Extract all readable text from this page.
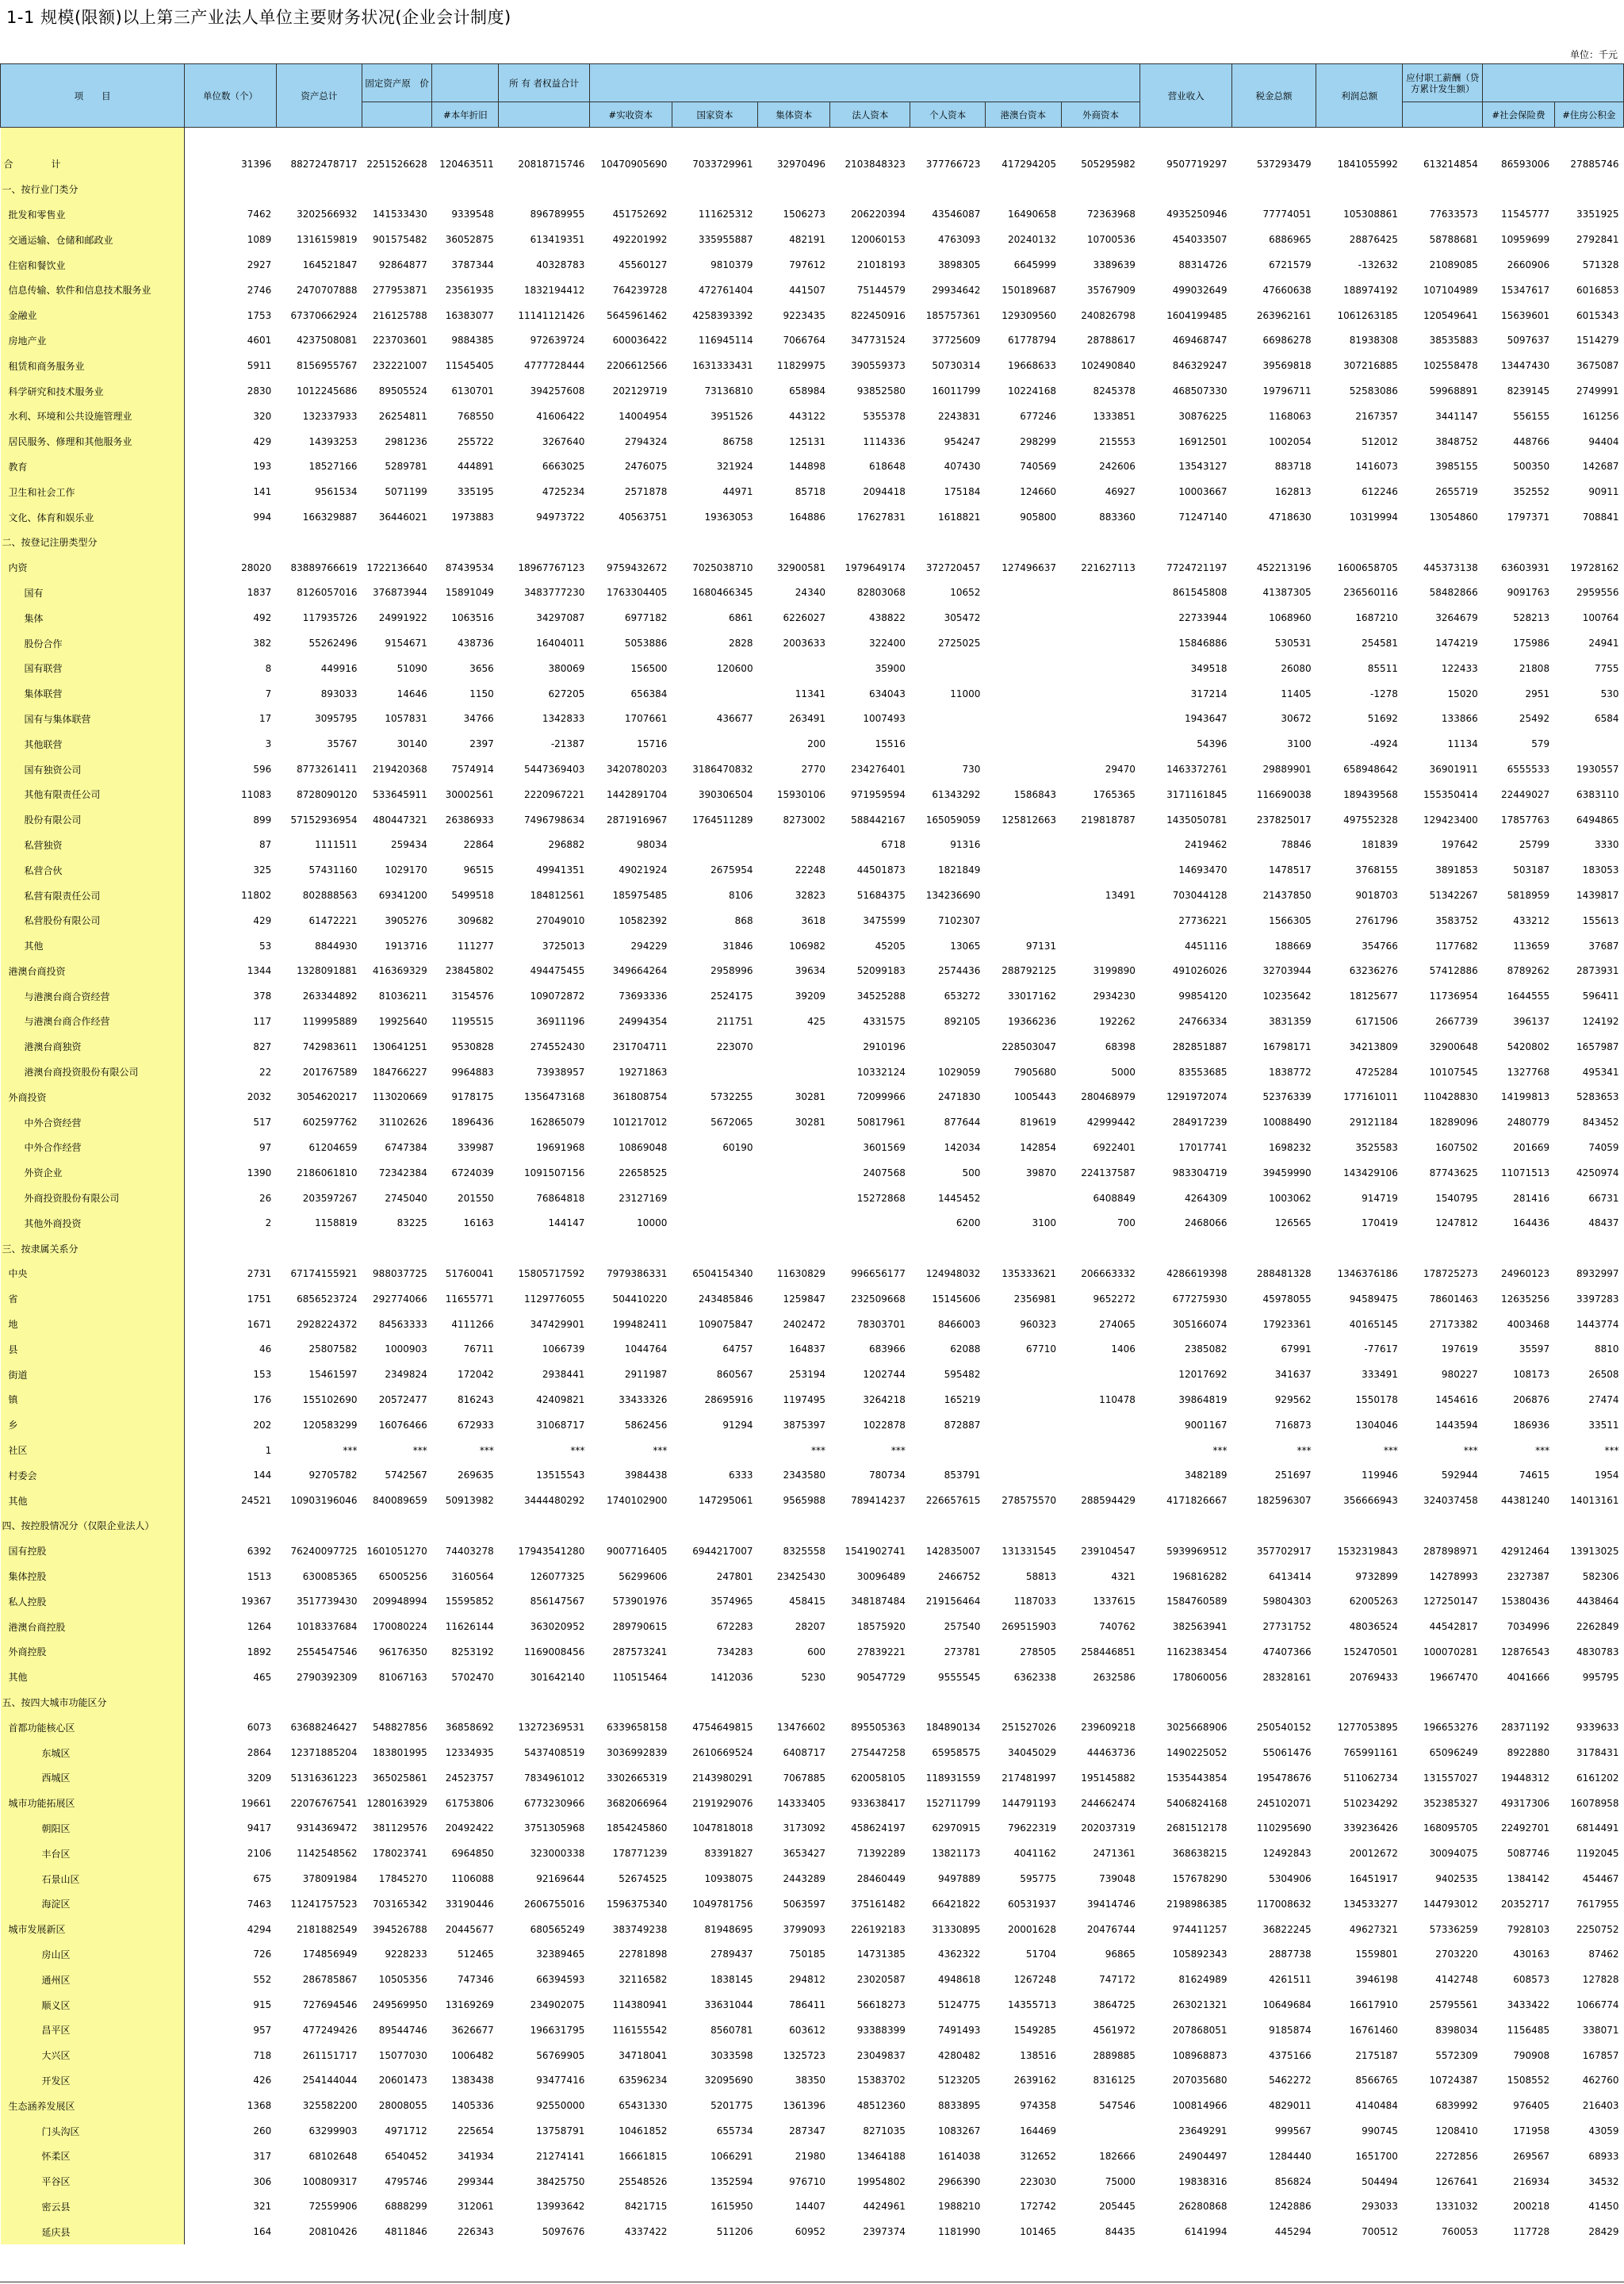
1-1 规模(限额)以上第三产业法人单位主要财务状况(企业会计制度)
单位：千元
项　　目	单位数（个）	资产总计	固定资产原　价		所 有 者权益合计								营业收入	税金总额	利润总额	应付职工薪酬（贷方累计发生额）		
				#本年折旧		#实收资本	国家资本	集体资本	法人资本	个人资本	港澳台资本	外商资本					#社会保险费	#住房公积金

合　计	31396	88272478717	2251526628	120463511	20818715746	10470905690	7033729961	32970496	2103848323	377766723	417294205	505295982	9507719297	537293479	1841055992	613214854	86593006	27885746
一、按行业门类分																		
批发和零售业	7462	3202566932	141533430	9339548	896789955	451752692	111625312	1506273	206220394	43546087	16490658	72363968	4935250946	77774051	105308861	77633573	11545777	3351925
交通运输、仓储和邮政业	1089	1316159819	901575482	36052875	613419351	492201992	335955887	482191	120060153	4763093	20240132	10700536	454033507	6886965	28876425	58788681	10959699	2792841
住宿和餐饮业	2927	164521847	92864877	3787344	40328783	45560127	9810379	797612	21018193	3898305	6645999	3389639	88314726	6721579	-132632	21089085	2660906	571328
信息传输、软件和信息技术服务业	2746	2470707888	277953871	23561935	1832194412	764239728	472761404	441507	75144579	29934642	150189687	35767909	499032649	47660638	188974192	107104989	15347617	6016853
金融业	1753	67370662924	216125788	16383077	11141121426	5645961462	4258393392	9223435	822450916	185757361	129309560	240826798	1604199485	263962161	1061263185	120549641	15639601	6015343
房地产业	4601	4237508081	223703601	9884385	972639724	600036422	116945114	7066764	347731524	37725609	61778794	28788617	469468747	66986278	81938308	38535883	5097637	1514279
租赁和商务服务业	5911	8156955767	232221007	11545405	4777728444	2206612566	1631333431	11829975	390559373	50730314	19668633	102490840	846329247	39569818	307216885	102558478	13447430	3675087
科学研究和技术服务业	2830	1012245686	89505524	6130701	394257608	202129719	73136810	658984	93852580	16011799	10224168	8245378	468507330	19796711	52583086	59968891	8239145	2749991
水利、环境和公共设施管理业	320	132337933	26254811	768550	41606422	14004954	3951526	443122	5355378	2243831	677246	1333851	30876225	1168063	2167357	3441147	556155	161256
居民服务、修理和其他服务业	429	14393253	2981236	255722	3267640	2794324	86758	125131	1114336	954247	298299	215553	16912501	1002054	512012	3848752	448766	94404
教育	193	18527166	5289781	444891	6663025	2476075	321924	144898	618648	407430	740569	242606	13543127	883718	1416073	3985155	500350	142687
卫生和社会工作	141	9561534	5071199	335195	4725234	2571878	44971	85718	2094418	175184	124660	46927	10003667	162813	612246	2655719	352552	90911
文化、体育和娱乐业	994	166329887	36446021	1973883	94973722	40563751	19363053	164886	17627831	1618821	905800	883360	71247140	4718630	10319994	13054860	1797371	708841
二、按登记注册类型分																		
内资	28020	83889766619	1722136640	87439534	18967767123	9759432672	7025038710	32900581	1979649174	372720457	127496637	221627113	7724721197	452213196	1600658705	445373138	63603931	19728162
国有	1837	8126057016	376873944	15891049	3483777230	1763304405	1680466345	24340	82803068	10652			861545808	41387305	236560116	58482866	9091763	2959556
集体	492	117935726	24991922	1063516	34297087	6977182	6861	6226027	438822	305472			22733944	1068960	1687210	3264679	528213	100764
股份合作	382	55262496	9154671	438736	16404011	5053886	2828	2003633	322400	2725025			15846886	530531	254581	1474219	175986	24941
国有联营	8	449916	51090	3656	380069	156500	120600		35900				349518	26080	85511	122433	21808	7755
集体联营	7	893033	14646	1150	627205	656384		11341	634043	11000			317214	11405	-1278	15020	2951	530
国有与集体联营	17	3095795	1057831	34766	1342833	1707661	436677	263491	1007493				1943647	30672	51692	133866	25492	6584
其他联营	3	35767	30140	2397	-21387	15716		200	15516				54396	3100	-4924	11134	579	
国有独资公司	596	8773261411	219420368	7574914	5447369403	3420780203	3186470832	2770	234276401	730		29470	1463372761	29889901	658948642	36901911	6555533	1930557
其他有限责任公司	11083	8728090120	533645911	30002561	2220967221	1442891704	390306504	15930106	971959594	61343292	1586843	1765365	3171161845	116690038	189439568	155350414	22449027	6383110
股份有限公司	899	57152936954	480447321	26386933	7496798634	2871916967	1764511289	8273002	588442167	165059059	125812663	219818787	1435050781	237825017	497552328	129423400	17857763	6494865
私营独资	87	1111511	259434	22864	296882	98034			6718	91316			2419462	78846	181839	197642	25799	3330
私营合伙	325	57431160	1029170	96515	49941351	49021924	2675954	22248	44501873	1821849			14693470	1478517	3768155	3891853	503187	183053
私营有限责任公司	11802	802888563	69341200	5499518	184812561	185975485	8106	32823	51684375	134236690		13491	703044128	21437850	9018703	51342267	5818959	1439817
私营股份有限公司	429	61472221	3905276	309682	27049010	10582392	868	3618	3475599	7102307			27736221	1566305	2761796	3583752	433212	155613
其他	53	8844930	1913716	111277	3725013	294229	31846	106982	45205	13065	97131		4451116	188669	354766	1177682	113659	37687
港澳台商投资	1344	1328091881	416369329	23845802	494475455	349664264	2958996	39634	52099183	2574436	288792125	3199890	491026026	32703944	63236276	57412886	8789262	2873931
与港澳台商合资经营	378	263344892	81036211	3154576	109072872	73693336	2524175	39209	34525288	653272	33017162	2934230	99854120	10235642	18125677	11736954	1644555	596411
与港澳台商合作经营	117	119995889	19925640	1195515	36911196	24994354	211751	425	4331575	892105	19366236	192262	24766334	3831359	6171506	2667739	396137	124192
港澳台商独资	827	742983611	130641251	9530828	274552430	231704711	223070		2910196		228503047	68398	282851887	16798171	34213809	32900648	5420802	1657987
港澳台商投资股份有限公司	22	201767589	184766227	9964883	73938957	19271863			10332124	1029059	7905680	5000	83553685	1838772	4725284	10107545	1327768	495341
外商投资	2032	3054620217	113020669	9178175	1356473168	361808754	5732255	30281	72099966	2471830	1005443	280468979	1291972074	52376339	177161011	110428830	14199813	5283653
中外合资经营	517	602597762	31102626	1896436	162865079	101217012	5672065	30281	50817961	877644	819619	42999442	284917239	10088490	29121184	18289096	2480779	843452
中外合作经营	97	61204659	6747384	339987	19691968	10869048	60190		3601569	142034	142854	6922401	17017741	1698232	3525583	1607502	201669	74059
外资企业	1390	2186061810	72342384	6724039	1091507156	22658525			2407568	500	39870	224137587	983304719	39459990	143429106	87743625	11071513	4250974
外商投资股份有限公司	26	203597267	2745040	201550	76864818	23127169			15272868	1445452		6408849	4264309	1003062	914719	1540795	281416	66731
其他外商投资	2	1158819	83225	16163	144147	10000				6200	3100	700	2468066	126565	170419	1247812	164436	48437
三、按隶属关系分																		
中央	2731	67174155921	988037725	51760041	15805717592	7979386331	6504154340	11630829	996656177	124948032	135333621	206663332	4286619398	288481328	1346376186	178725273	24960123	8932997
省	1751	6856523724	292774066	11655771	1129776055	504410220	243485846	1259847	232509668	15145606	2356981	9652272	677275930	45978055	94589475	78601463	12635256	3397283
地	1671	2928224372	84563333	4111266	347429901	199482411	109075847	2402472	78303701	8466003	960323	274065	305166074	17923361	40165145	27173382	4003468	1443774
县	46	25807582	1000903	76711	1066739	1044764	64757	164837	683966	62088	67710	1406	2385082	67991	-77617	197619	35597	8810
街道	153	15461597	2349824	172042	2938441	2911987	860567	253194	1202744	595482			12017692	341637	333491	980227	108173	26508
镇	176	155102690	20572477	816243	42409821	33433326	28695916	1197495	3264218	165219		110478	39864819	929562	1550178	1454616	206876	27474
乡	202	120583299	16076466	672933	31068717	5862456	91294	3875397	1022878	872887			9001167	716873	1304046	1443594	186936	33511
社区	1	***	***	***	***	***		***	***				***	***	***	***	***	***
村委会	144	92705782	5742567	269635	13515543	3984438	6333	2343580	780734	853791			3482189	251697	119946	592944	74615	1954
其他	24521	10903196046	840089659	50913982	3444480292	1740102900	147295061	9565988	789414237	226657615	278575570	288594429	4171826667	182596307	356666943	324037458	44381240	14013161
四、按控股情况分（仅限企业法人）																		
国有控股	6392	76240097725	1601051270	74403278	17943541280	9007716405	6944217007	8325558	1541902741	142835007	131331545	239104547	5939969512	357702917	1532319843	287898971	42912464	13913025
集体控股	1513	630085365	65005256	3160564	126077325	56299606	247801	23425430	30096489	2466752	58813	4321	196816282	6413414	9732899	14278993	2327387	582306
私人控股	19367	3517739430	209948994	15595852	856147567	573901976	3574965	458415	348187484	219156464	1187033	1337615	1584760589	59804303	62005263	127250147	15380436	4438464
港澳台商控股	1264	1018337684	170080224	11626144	363020952	289790615	672283	28207	18575920	257540	269515903	740762	382563941	27731752	48036524	44542817	7034996	2262849
外商控股	1892	2554547546	96176350	8253192	1169008456	287573241	734283	600	27839221	273781	278505	258446851	1162383454	47407366	152470501	100070281	12876543	4830783
其他	465	2790392309	81067163	5702470	301642140	110515464	1412036	5230	90547729	9555545	6362338	2632586	178060056	28328161	20769433	19667470	4041666	995795
五、按四大城市功能区分																		
首都功能核心区	6073	63688246427	548827856	36858692	13272369531	6339658158	4754649815	13476602	895505363	184890134	251527026	239609218	3025668906	250540152	1277053895	196653276	28371192	9339633
东城区	2864	12371885204	183801995	12334935	5437408519	3036992839	2610669524	6408717	275447258	65958575	34045029	44463736	1490225052	55061476	765991161	65096249	8922880	3178431
西城区	3209	51316361223	365025861	24523757	7834961012	3302665319	2143980291	7067885	620058105	118931559	217481997	195145882	1535443854	195478676	511062734	131557027	19448312	6161202
城市功能拓展区	19661	22076767541	1280163929	61753806	6773230966	3682066964	2191929076	14333405	933638417	152711799	144791193	244662474	5406824168	245102071	510234292	352385327	49317306	16078958
朝阳区	9417	9314369472	381129576	20492422	3751305968	1854245860	1047818018	3173092	458624197	62970915	79622319	202037319	2681512178	110295690	339236426	168095705	22492701	6814491
丰台区	2106	1142548562	178023741	6964850	323000338	178771239	83391827	3653427	71392289	13821173	4041162	2471361	368638215	12492843	20012672	30094075	5087746	1192045
石景山区	675	378091984	17845270	1106088	92169644	52674525	10938075	2443289	28460449	9497889	595775	739048	157678290	5304906	16451917	9402535	1384142	454467
海淀区	7463	11241757523	703165342	33190446	2606755016	1596375340	1049781756	5063597	375161482	66421822	60531937	39414746	2198986385	117008632	134533277	144793012	20352717	7617955
城市发展新区	4294	2181882549	394526788	20445677	680565249	383749238	81948695	3799093	226192183	31330895	20001628	20476744	974411257	36822245	49627321	57336259	7928103	2250752
房山区	726	174856949	9228233	512465	32389465	22781898	2789437	750185	14731385	4362322	51704	96865	105892343	2887738	1559801	2703220	430163	87462
通州区	552	286785867	10505356	747346	66394593	32116582	1838145	294812	23020587	4948618	1267248	747172	81624989	4261511	3946198	4142748	608573	127828
顺义区	915	727694546	249569950	13169269	234902075	114380941	33631044	786411	56618273	5124775	14355713	3864725	263021321	10649684	16617910	25795561	3433422	1066774
昌平区	957	477249426	89544746	3626677	196631795	116155542	8560781	603612	93388399	7491493	1549285	4561972	207868051	9185874	16761460	8398034	1156485	338071
大兴区	718	261151717	15077030	1006482	56769905	34718041	3033598	1325723	23049837	4280482	138516	2889885	108968873	4375166	2175187	5572309	790908	167857
开发区	426	254144044	20601473	1383438	93477416	63596234	32095690	38350	15383702	5123205	2639162	8316125	207035680	5462272	8566765	10724387	1508552	462760
生态涵养发展区	1368	325582200	28008055	1405336	92550000	65431330	5201775	1361396	48512360	8833895	974358	547546	100814966	4829011	4140484	6839992	976405	216403
门头沟区	260	63299903	4971712	225654	13758791	10461852	655734	287347	8271035	1083267	164469		23649291	999567	990745	1208410	171958	43059
怀柔区	317	68102648	6540452	341934	21274141	16661815	1066291	21980	13464188	1614038	312652	182666	24904497	1284440	1651700	2272856	269567	68933
平谷区	306	100809317	4795746	299344	38425750	25548526	1352594	976710	19954802	2966390	223030	75000	19838316	856824	504494	1267641	216934	34532
密云县	321	72559906	6888299	312061	13993642	8421715	1615950	14407	4424961	1988210	172742	205445	26280868	1242886	293033	1331032	200218	41450
延庆县	164	20810426	4811846	226343	5097676	4337422	511206	60952	2397374	1181990	101465	84435	6141994	445294	700512	760053	117728	28429
